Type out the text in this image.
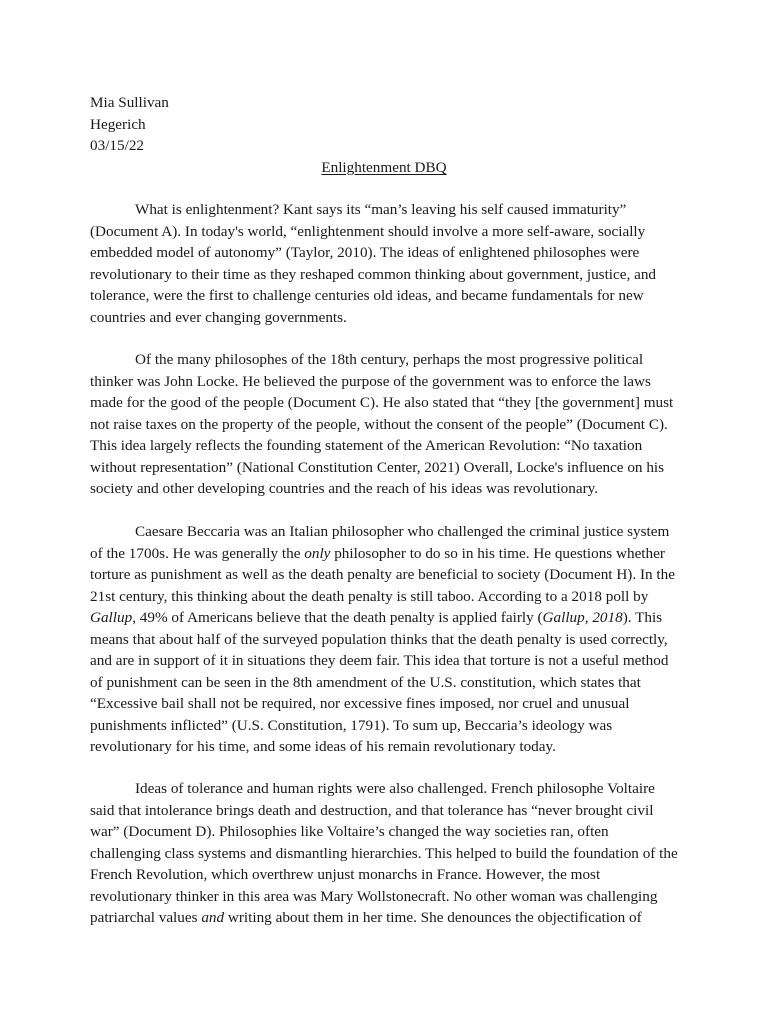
Mia Sullivan
Hegerich
03/15/22
Enlightenment DBQ
What is enlightenment? Kant says its “man’s leaving his self caused immaturity”
(Document A). In today's world, “enlightenment should involve a more self-aware, socially
embedded model of autonomy” (Taylor, 2010). The ideas of enlightened philosophes were
revolutionary to their time as they reshaped common thinking about government, justice, and
tolerance, were the first to challenge centuries old ideas, and became fundamentals for new
countries and ever changing governments.
Of the many philosophes of the 18th century, perhaps the most progressive political
thinker was John Locke. He believed the purpose of the government was to enforce the laws
made for the good of the people (Document C). He also stated that “they [the government] must
not raise taxes on the property of the people, without the consent of the people” (Document C).
This idea largely reflects the founding statement of the American Revolution: “No taxation
without representation” (National Constitution Center, 2021) Overall, Locke's influence on his
society and other developing countries and the reach of his ideas was revolutionary.
Caesare Beccaria was an Italian philosopher who challenged the criminal justice system
of the 1700s. He was generally the only philosopher to do so in his time. He questions whether
torture as punishment as well as the death penalty are beneficial to society (Document H). In the
21st century, this thinking about the death penalty is still taboo. According to a 2018 poll by
Gallup, 49% of Americans believe that the death penalty is applied fairly (Gallup, 2018). This
means that about half of the surveyed population thinks that the death penalty is used correctly,
and are in support of it in situations they deem fair. This idea that torture is not a useful method
of punishment can be seen in the 8th amendment of the U.S. constitution, which states that
“Excessive bail shall not be required, nor excessive fines imposed, nor cruel and unusual
punishments inflicted” (U.S. Constitution, 1791). To sum up, Beccaria’s ideology was
revolutionary for his time, and some ideas of his remain revolutionary today.
Ideas of tolerance and human rights were also challenged. French philosophe Voltaire
said that intolerance brings death and destruction, and that tolerance has “never brought civil
war” (Document D). Philosophies like Voltaire’s changed the way societies ran, often
challenging class systems and dismantling hierarchies. This helped to build the foundation of the
French Revolution, which overthrew unjust monarchs in France. However, the most
revolutionary thinker in this area was Mary Wollstonecraft. No other woman was challenging
patriarchal values and writing about them in her time. She denounces the objectification of
